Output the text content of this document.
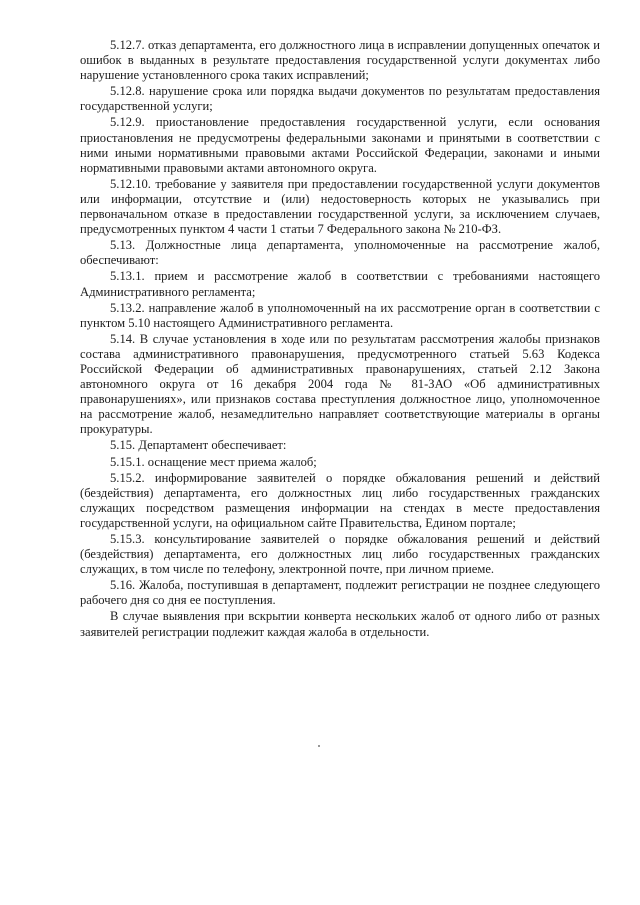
5.12.7. отказ департамента, его должностного лица в исправлении допущенных опечаток и ошибок в выданных в результате предоставления государственной услуги документах либо нарушение установленного срока таких исправлений;

5.12.8. нарушение срока или порядка выдачи документов по результатам предоставления государственной услуги;

5.12.9. приостановление предоставления государственной услуги, если основания приостановления не предусмотрены федеральными законами и принятыми в соответствии с ними иными нормативными правовыми актами Российской Федерации, законами и иными нормативными правовыми актами автономного округа.

5.12.10. требование у заявителя при предоставлении государственной услуги документов или информации, отсутствие и (или) недостоверность которых не указывались при первоначальном отказе в предоставлении государственной услуги, за исключением случаев, предусмотренных пунктом 4 части 1 статьи 7 Федерального закона № 210-ФЗ.

5.13. Должностные лица департамента, уполномоченные на рассмотрение жалоб, обеспечивают:

5.13.1. прием и рассмотрение жалоб в соответствии с требованиями настоящего Административного регламента;

5.13.2. направление жалоб в уполномоченный на их рассмотрение орган в соответствии с пунктом 5.10 настоящего Административного регламента.

5.14. В случае установления в ходе или по результатам рассмотрения жалобы признаков состава административного правонарушения, предусмотренного статьей 5.63 Кодекса Российской Федерации об административных правонарушениях, статьей 2.12 Закона автономного округа от 16 декабря 2004 года № 81-ЗАО «Об административных правонарушениях», или признаков состава преступления должностное лицо, уполномоченное на рассмотрение жалоб, незамедлительно направляет соответствующие материалы в органы прокуратуры.

5.15. Департамент обеспечивает:

5.15.1. оснащение мест приема жалоб;

5.15.2. информирование заявителей о порядке обжалования решений и действий (бездействия) департамента, его должностных лиц либо государственных гражданских служащих посредством размещения информации на стендах в месте предоставления государственной услуги, на официальном сайте Правительства, Едином портале;

5.15.3. консультирование заявителей о порядке обжалования решений и действий (бездействия) департамента, его должностных лиц либо государственных гражданских служащих, в том числе по телефону, электронной почте, при личном приеме.

5.16. Жалоба, поступившая в департамент, подлежит регистрации не позднее следующего рабочего дня со дня ее поступления.

В случае выявления при вскрытии конверта нескольких жалоб от одного либо от разных заявителей регистрации подлежит каждая жалоба в отдельности.
